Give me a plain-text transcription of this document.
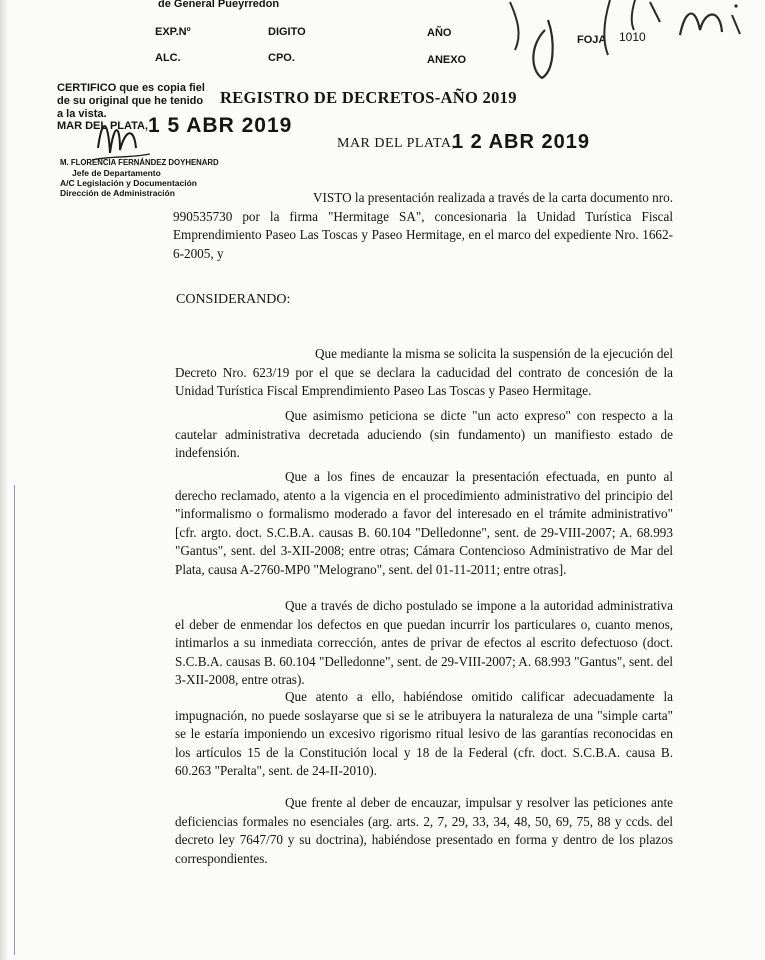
de General Pueyrredon
EXP.Nº	DIGITO	AÑO
ALC.	CPO.	ANEXO
FOJA 1010
CERTIFICO que es copia fiel
de su original que he tenido
a la vista.
MAR DEL PLATA, 1 5 ABR 2019
M. FLORENCIA FERNÁNDEZ DOYHENARD
Jefe de Departamento
A/C Legislación y Documentación
Dirección de Administración
REGISTRO DE DECRETOS-AÑO 2019
MAR DEL PLATA,
1 2 ABR 2019
VISTO la presentación realizada a través de la carta documento nro. 990535730 por la firma "Hermitage SA", concesionaria la Unidad Turística Fiscal Emprendimiento Paseo Las Toscas y Paseo Hermitage, en el marco del expediente Nro. 1662-6-2005, y
CONSIDERANDO:
Que mediante la misma se solicita la suspensión de la ejecución del Decreto Nro. 623/19 por el que se declara la caducidad del contrato de concesión de la Unidad Turística Fiscal Emprendimiento Paseo Las Toscas y Paseo Hermitage.
Que asimismo peticiona se dicte "un acto expreso" con respecto a la cautelar administrativa decretada aduciendo (sin fundamento) un manifiesto estado de indefensión.
Que a los fines de encauzar la presentación efectuada, en punto al derecho reclamado, atento a la vigencia en el procedimiento administrativo del principio del "informalismo o formalismo moderado a favor del interesado en el trámite administrativo" [cfr. argto. doct. S.C.B.A. causas B. 60.104 "Delledonne", sent. de 29-VIII-2007; A. 68.993 "Gantus", sent. del 3-XII-2008; entre otras; Cámara Contencioso Administrativo de Mar del Plata, causa A-2760-MP0 "Melograno", sent. del 01-11-2011; entre otras].
Que a través de dicho postulado se impone a la autoridad administrativa el deber de enmendar los defectos en que puedan incurrir los particulares o, cuanto menos, intimarlos a su inmediata corrección, antes de privar de efectos al escrito defectuoso (doct. S.C.B.A. causas B. 60.104 "Delledonne", sent. de 29-VIII-2007; A. 68.993 "Gantus", sent. del 3-XII-2008, entre otras).
Que atento a ello, habiéndose omitido calificar adecuadamente la impugnación, no puede soslayarse que si se le atribuyera la naturaleza de una "simple carta" se le estaría imponiendo un excesivo rigorismo ritual lesivo de las garantías reconocidas en los artículos 15 de la Constitución local y 18 de la Federal (cfr. doct. S.C.B.A. causa B. 60.263 "Peralta", sent. de 24-II-2010).
Que frente al deber de encauzar, impulsar y resolver las peticiones ante deficiencias formales no esenciales (arg. arts. 2, 7, 29, 33, 34, 48, 50, 69, 75, 88 y ccds. del decreto ley 7647/70 y su doctrina), habiéndose presentado en forma y dentro de los plazos correspondientes.
